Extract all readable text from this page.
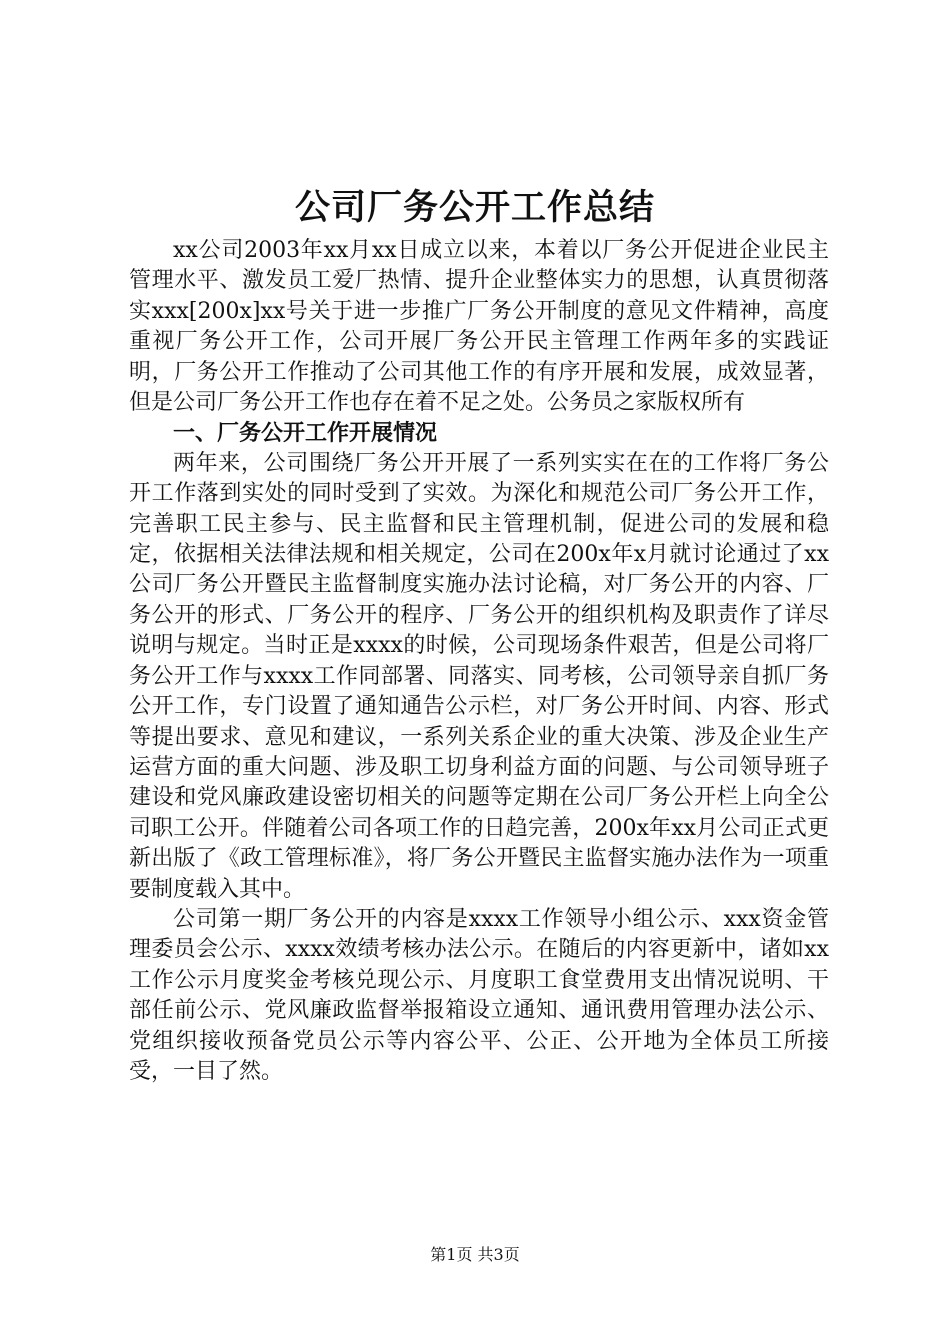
公司厂务公开工作总结

xx公司2003年xx月xx日成立以来，本着以厂务公开促进企业民主管理水平、激发员工爱厂热情、提升企业整体实力的思想，认真贯彻落实xxx[200x]xx号关于进一步推广厂务公开制度的意见文件精神，高度重视厂务公开工作，公司开展厂务公开民主管理工作两年多的实践证明，厂务公开工作推动了公司其他工作的有序开展和发展，成效显著，但是公司厂务公开工作也存在着不足之处。公务员之家版权所有

一、厂务公开工作开展情况

两年来，公司围绕厂务公开开展了一系列实实在在的工作将厂务公开工作落到实处的同时受到了实效。为深化和规范公司厂务公开工作，完善职工民主参与、民主监督和民主管理机制，促进公司的发展和稳定，依据相关法律法规和相关规定，公司在200x年x月就讨论通过了xx公司厂务公开暨民主监督制度实施办法讨论稿，对厂务公开的内容、厂务公开的形式、厂务公开的程序、厂务公开的组织机构及职责作了详尽说明与规定。当时正是xxxx的时候，公司现场条件艰苦，但是公司将厂务公开工作与xxxx工作同部署、同落实、同考核，公司领导亲自抓厂务公开工作，专门设置了通知通告公示栏，对厂务公开时间、内容、形式等提出要求、意见和建议，一系列关系企业的重大决策、涉及企业生产运营方面的重大问题、涉及职工切身利益方面的问题、与公司领导班子建设和党风廉政建设密切相关的问题等定期在公司厂务公开栏上向全公司职工公开。伴随着公司各项工作的日趋完善，200x年xx月公司正式更新出版了《政工管理标准》，将厂务公开暨民主监督实施办法作为一项重要制度载入其中。

公司第一期厂务公开的内容是xxxx工作领导小组公示、xxx资金管理委员会公示、xxxx效绩考核办法公示。在随后的内容更新中，诸如xx工作公示月度奖金考核兑现公示、月度职工食堂费用支出情况说明、干部任前公示、党风廉政监督举报箱设立通知、通讯费用管理办法公示、党组织接收预备党员公示等内容公平、公正、公开地为全体员工所接受，一目了然。

第1页 共3页
